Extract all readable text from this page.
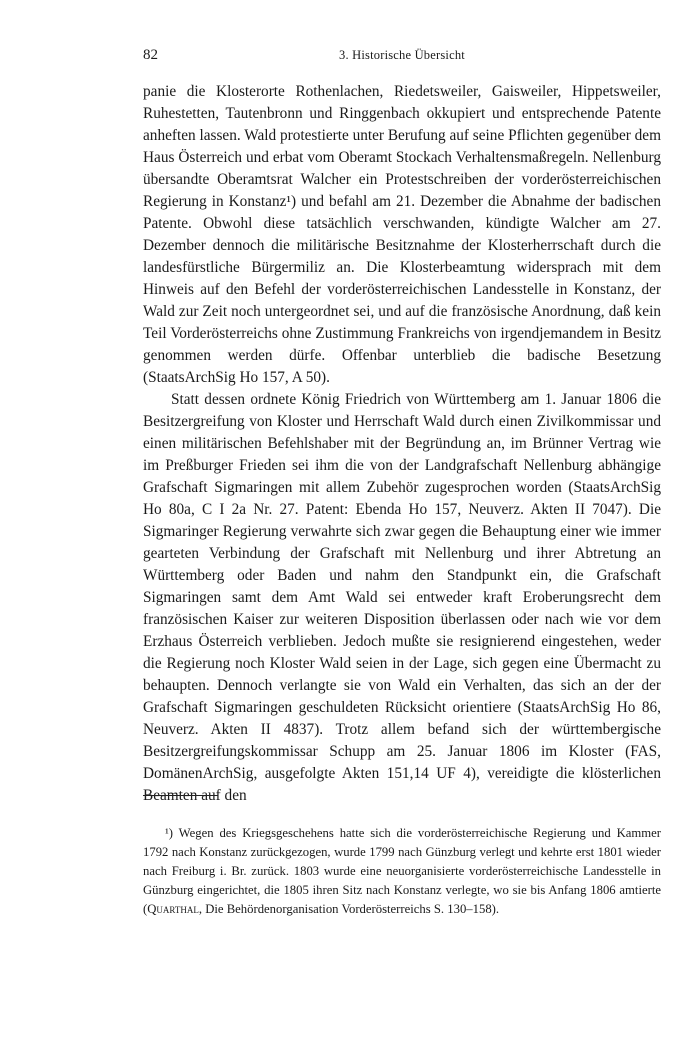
82	3. Historische Übersicht

panie die Klosterorte Rothenlachen, Riedetsweiler, Gaisweiler, Hippetsweiler, Ruhestetten, Tautenbronn und Ringgenbach okkupiert und entsprechende Patente anheften lassen. Wald protestierte unter Berufung auf seine Pflichten gegenüber dem Haus Österreich und erbat vom Oberamt Stockach Verhaltensmaßregeln. Nellenburg übersandte Oberamtsrat Walcher ein Protestschreiben der vorderösterreichischen Regierung in Konstanz¹) und befahl am 21. Dezember die Abnahme der badischen Patente. Obwohl diese tatsächlich verschwanden, kündigte Walcher am 27. Dezember dennoch die militärische Besitznahme der Klosterherrschaft durch die landesfürstliche Bürgermiliz an. Die Klosterbeamtung widersprach mit dem Hinweis auf den Befehl der vorderösterreichischen Landesstelle in Konstanz, der Wald zur Zeit noch untergeordnet sei, und auf die französische Anordnung, daß kein Teil Vorderösterreichs ohne Zustimmung Frankreichs von irgendjemandem in Besitz genommen werden dürfe. Offenbar unterblieb die badische Besetzung (StaatsArchSig Ho 157, A 50).

Statt dessen ordnete König Friedrich von Württemberg am 1. Januar 1806 die Besitzergreifung von Kloster und Herrschaft Wald durch einen Zivilkommissar und einen militärischen Befehlshaber mit der Begründung an, im Brünner Vertrag wie im Preßburger Frieden sei ihm die von der Landgrafschaft Nellenburg abhängige Grafschaft Sigmaringen mit allem Zubehör zugesprochen worden (StaatsArchSig Ho 80a, C I 2a Nr. 27. Patent: Ebenda Ho 157, Neuverz. Akten II 7047). Die Sigmaringer Regierung verwahrte sich zwar gegen die Behauptung einer wie immer gearteten Verbindung der Grafschaft mit Nellenburg und ihrer Abtretung an Württemberg oder Baden und nahm den Standpunkt ein, die Grafschaft Sigmaringen samt dem Amt Wald sei entweder kraft Eroberungsrecht dem französischen Kaiser zur weiteren Disposition überlassen oder nach wie vor dem Erzhaus Österreich verblieben. Jedoch mußte sie resignierend eingestehen, weder die Regierung noch Kloster Wald seien in der Lage, sich gegen eine Übermacht zu behaupten. Dennoch verlangte sie von Wald ein Verhalten, das sich an der der Grafschaft Sigmaringen geschuldeten Rücksicht orientiere (StaatsArchSig Ho 86, Neuverz. Akten II 4837). Trotz allem befand sich der württembergische Besitzergreifungskommissar Schupp am 25. Januar 1806 im Kloster (FAS, DomänenArchSig, ausgefolgte Akten 151,14 UF 4), vereidigte die klösterlichen Beamten auf den

¹) Wegen des Kriegsgeschehens hatte sich die vorderösterreichische Regierung und Kammer 1792 nach Konstanz zurückgezogen, wurde 1799 nach Günzburg verlegt und kehrte erst 1801 wieder nach Freiburg i. Br. zurück. 1803 wurde eine neuorganisierte vorderösterreichische Landesstelle in Günzburg eingerichtet, die 1805 ihren Sitz nach Konstanz verlegte, wo sie bis Anfang 1806 amtierte (Quarthal, Die Behördenorganisation Vorderösterreichs S. 130–158).
